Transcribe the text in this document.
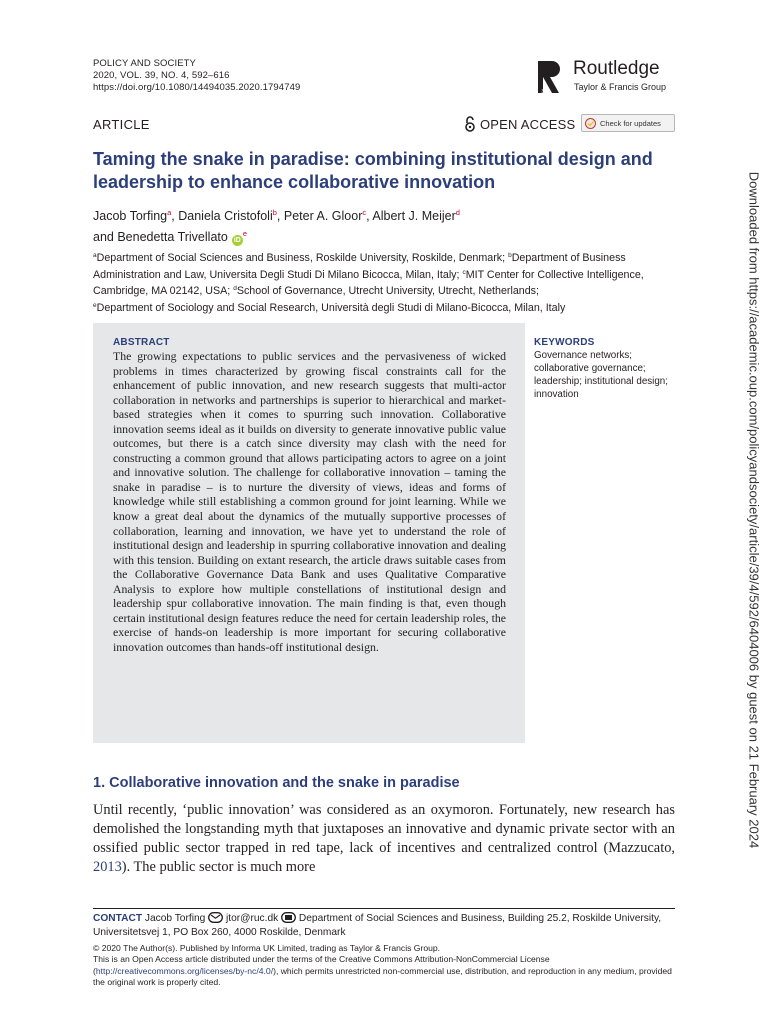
POLICY AND SOCIETY
2020, VOL. 39, NO. 4, 592–616
https://doi.org/10.1080/14494035.2020.1794749
ROUTLEDGE
Routledge
Taylor & Francis Group
ARTICLE	OPEN ACCESS	Check for updates
Taming the snake in paradise: combining institutional design and leadership to enhance collaborative innovation
Jacob Torfing$^a$, Daniela Cristofoli$^b$, Peter A. Gloor$^c$, Albert J. Meijer$^d$
and Benedetta Trivellato $iD^e$
$^a$Department of Social Sciences and Business, Roskilde University, Roskilde, Denmark; $^b$Department of Business Administration and Law, Universita Degli Studi Di Milano Bicocca, Milan, Italy; $^c$MIT Center for Collective Intelligence, Cambridge, MA 02142, USA; $^d$School of Governance, Utrecht University, Utrecht, Netherlands;
$^e$Department of Sociology and Social Research, Università degli Studi di Milano-Bicocca, Milan, Italy
ABSTRACT
The growing expectations to public services and the pervasiveness of wicked problems in times characterized by growing fiscal constraints call for the enhancement of public innovation, and new research suggests that multi-actor collaboration in networks and partnerships is superior to hierarchical and market-based strategies when it comes to spurring such innovation. Collaborative innovation seems ideal as it builds on diversity to generate innovative public value outcomes, but there is a catch since diversity may clash with the need for constructing a common ground that allows participating actors to agree on a joint and innovative solution. The challenge for collaborative innovation – taming the snake in paradise – is to nurture the diversity of views, ideas and forms of knowledge while still establishing a common ground for joint learning. While we know a great deal about the dynamics of the mutually supportive processes of collaboration, learning and innovation, we have yet to understand the role of institutional design and leadership in spurring collaborative innovation and dealing with this tension. Building on extant research, the article draws suitable cases from the Collaborative Governance Data Bank and uses Qualitative Comparative Analysis to explore how multiple constellations of institutional design and leadership spur collaborative innovation. The main finding is that, even though certain institutional design features reduce the need for certain leadership roles, the exercise of hands-on leadership is more important for securing collaborative innovation outcomes than hands-off institutional design.
KEYWORDS
Governance networks; collaborative governance; leadership; institutional design; innovation
1. Collaborative innovation and the snake in paradise
Until recently, ‘public innovation’ was considered as an oxymoron. Fortunately, new research has demolished the longstanding myth that juxtaposes an innovative and dynamic private sector with an ossified public sector trapped in red tape, lack of incentives and centralized control (Mazzucato, 2013). The public sector is much more
CONTACT Jacob Torfing  jtor@ruc.dk  Department of Social Sciences and Business, Building 25.2, Roskilde University, Universitetsvej 1, PO Box 260, 4000 Roskilde, Denmark
© 2020 The Author(s). Published by Informa UK Limited, trading as Taylor & Francis Group.
This is an Open Access article distributed under the terms of the Creative Commons Attribution-NonCommercial License (http://creativecommons.org/licenses/by-nc/4.0/), which permits unrestricted non-commercial use, distribution, and reproduction in any medium, provided the original work is properly cited.
Downloaded from https://academic.oup.com/policyandsociety/article/39/4/592/6404006 by guest on 21 February 2024
